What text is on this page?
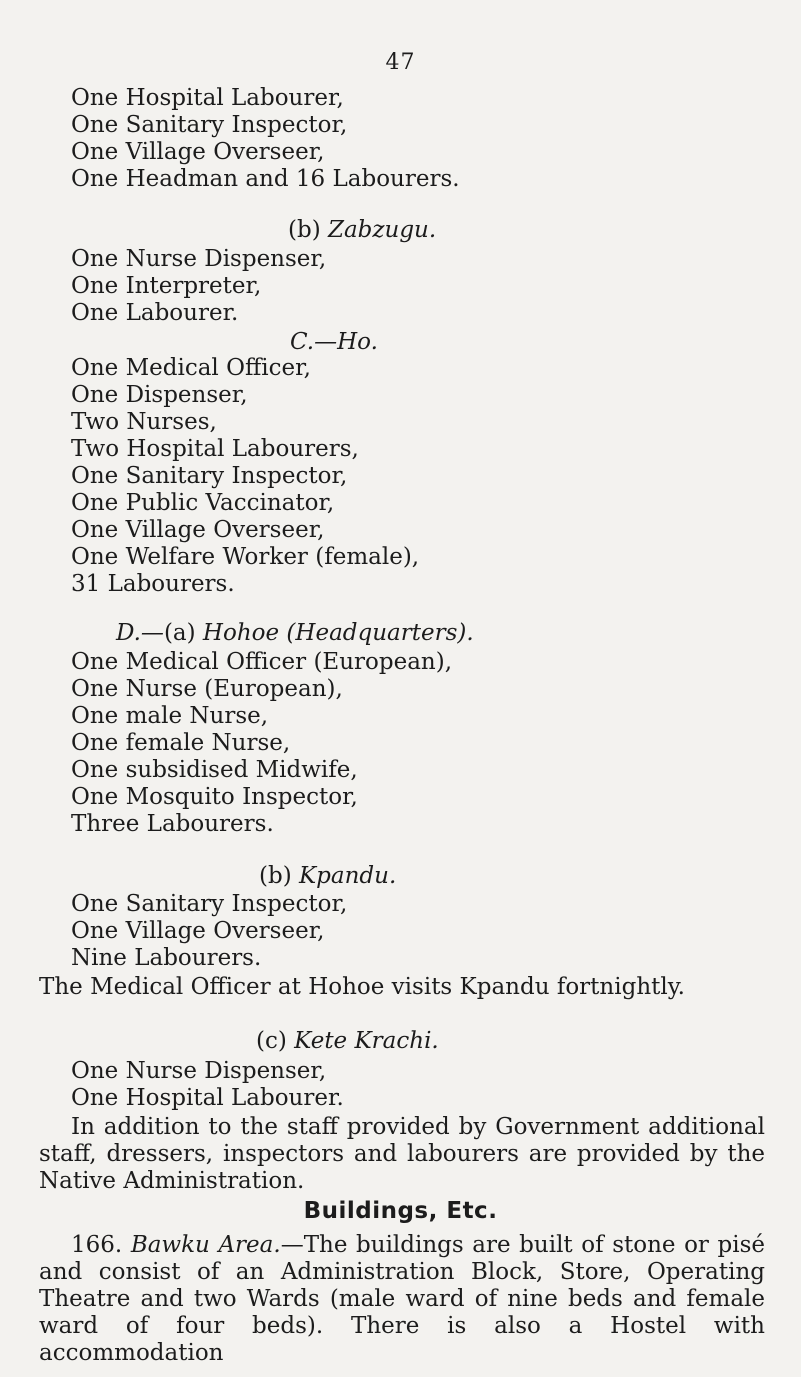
47
One Hospital Labourer,
One Sanitary Inspector,
One Village Overseer,
One Headman and 16 Labourers.
(b) Zabzugu.
One Nurse Dispenser,
One Interpreter,
One Labourer.
C.—Ho.
One Medical Officer,
One Dispenser,
Two Nurses,
Two Hospital Labourers,
One Sanitary Inspector,
One Public Vaccinator,
One Village Overseer,
One Welfare Worker (female),
31 Labourers.
D.—(a) Hohoe (Headquarters).
One Medical Officer (European),
One Nurse (European),
One male Nurse,
One female Nurse,
One subsidised Midwife,
One Mosquito Inspector,
Three Labourers.
(b) Kpandu.
One Sanitary Inspector,
One Village Overseer,
Nine Labourers.
The Medical Officer at Hohoe visits Kpandu fortnightly.
(c) Kete Krachi.
One Nurse Dispenser,
One Hospital Labourer.
In addition to the staff provided by Government additional
staff, dressers, inspectors and labourers are provided by the
Native Administration.
Buildings, Etc.
166. Bawku Area.—The buildings are built of stone or pisé
and consist of an Administration Block, Store, Operating
Theatre and two Wards (male ward of nine beds and female
ward of four beds). There is also a Hostel with accommodation
